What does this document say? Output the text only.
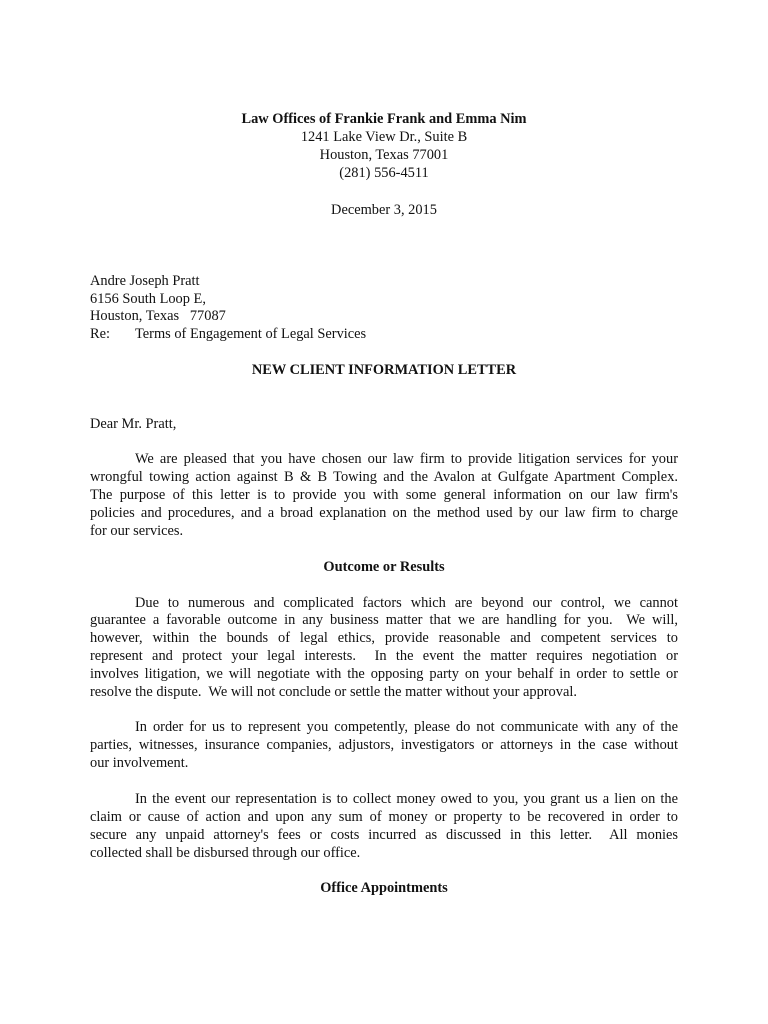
Law Offices of Frankie Frank and Emma Nim
1241 Lake View Dr., Suite B
Houston, Texas 77001
(281) 556-4511
December 3, 2015
Andre Joseph Pratt
6156 South Loop E,
Houston, Texas   77087
Re: Terms of Engagement of Legal Services
NEW CLIENT INFORMATION LETTER
Dear Mr. Pratt,
We are pleased that you have chosen our law firm to provide litigation services for your
wrongful towing action against B & B Towing and the Avalon at Gulfgate Apartment Complex.
The purpose of this letter is to provide you with some general information on our law firm's
policies and procedures, and a broad explanation on the method used by our law firm to charge
for our services.
Outcome or Results
Due to numerous and complicated factors which are beyond our control, we cannot
guarantee a favorable outcome in any business matter that we are handling for you.  We will,
however, within the bounds of legal ethics, provide reasonable and competent services to
represent and protect your legal interests.  In the event the matter requires negotiation or
involves litigation, we will negotiate with the opposing party on your behalf in order to settle or
resolve the dispute.  We will not conclude or settle the matter without your approval.
In order for us to represent you competently, please do not communicate with any of the
parties, witnesses, insurance companies, adjustors, investigators or attorneys in the case without
our involvement.
In the event our representation is to collect money owed to you, you grant us a lien on the
claim or cause of action and upon any sum of money or property to be recovered in order to
secure any unpaid attorney's fees or costs incurred as discussed in this letter.  All monies
collected shall be disbursed through our office.
Office Appointments
